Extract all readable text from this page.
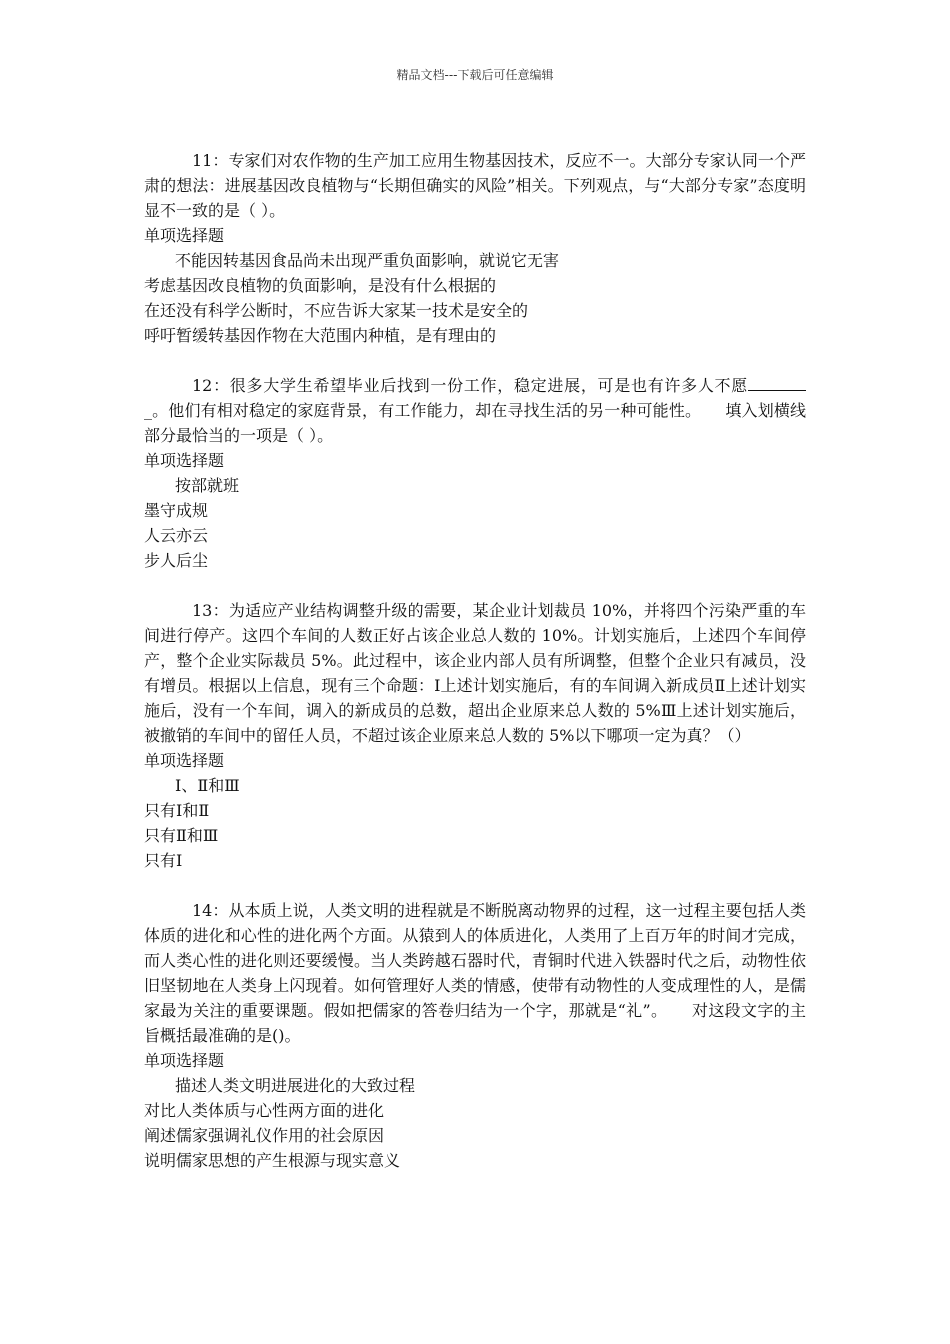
精品文档---下载后可任意编辑

11：专家们对农作物的生产加工应用生物基因技术，反应不一。大部分专家认同一个严肃的想法：进展基因改良植物与“长期但确实的风险”相关。下列观点，与“大部分专家”态度明显不一致的是（ ）。

单项选择题

不能因转基因食品尚未出现严重负面影响，就说它无害

考虑基因改良植物的负面影响，是没有什么根据的

在还没有科学公断时，不应告诉大家某一技术是安全的

呼吁暂缓转基因作物在大范围内种植，是有理由的

12：很多大学生希望毕业后找到一份工作，稳定进展，可是也有许多人不愿_。他们有相对稳定的家庭背景，有工作能力，却在寻找生活的另一种可能性。　　填入划横线部分最恰当的一项是（ ）。

单项选择题

按部就班

墨守成规

人云亦云

步人后尘

13：为适应产业结构调整升级的需要，某企业计划裁员 10%，并将四个污染严重的车间进行停产。这四个车间的人数正好占该企业总人数的 10%。计划实施后，上述四个车间停产，整个企业实际裁员 5%。此过程中，该企业内部人员有所调整，但整个企业只有减员，没有增员。根据以上信息，现有三个命题：Ⅰ上述计划实施后，有的车间调入新成员Ⅱ上述计划实施后，没有一个车间，调入的新成员的总数，超出企业原来总人数的 5%Ⅲ上述计划实施后，被撤销的车间中的留任人员，不超过该企业原来总人数的 5%以下哪项一定为真？（）

单项选择题

Ⅰ、Ⅱ和Ⅲ

只有Ⅰ和Ⅱ

只有Ⅱ和Ⅲ

只有Ⅰ

14：从本质上说，人类文明的进程就是不断脱离动物界的过程，这一过程主要包括人类体质的进化和心性的进化两个方面。从猿到人的体质进化，人类用了上百万年的时间才完成，而人类心性的进化则还要缓慢。当人类跨越石器时代，青铜时代进入铁器时代之后，动物性依旧坚韧地在人类身上闪现着。如何管理好人类的情感，使带有动物性的人变成理性的人，是儒家最为关注的重要课题。假如把儒家的答卷归结为一个字，那就是“礼”。　　对这段文字的主旨概括最准确的是()。

单项选择题

描述人类文明进展进化的大致过程

对比人类体质与心性两方面的进化

阐述儒家强调礼仪作用的社会原因

说明儒家思想的产生根源与现实意义
